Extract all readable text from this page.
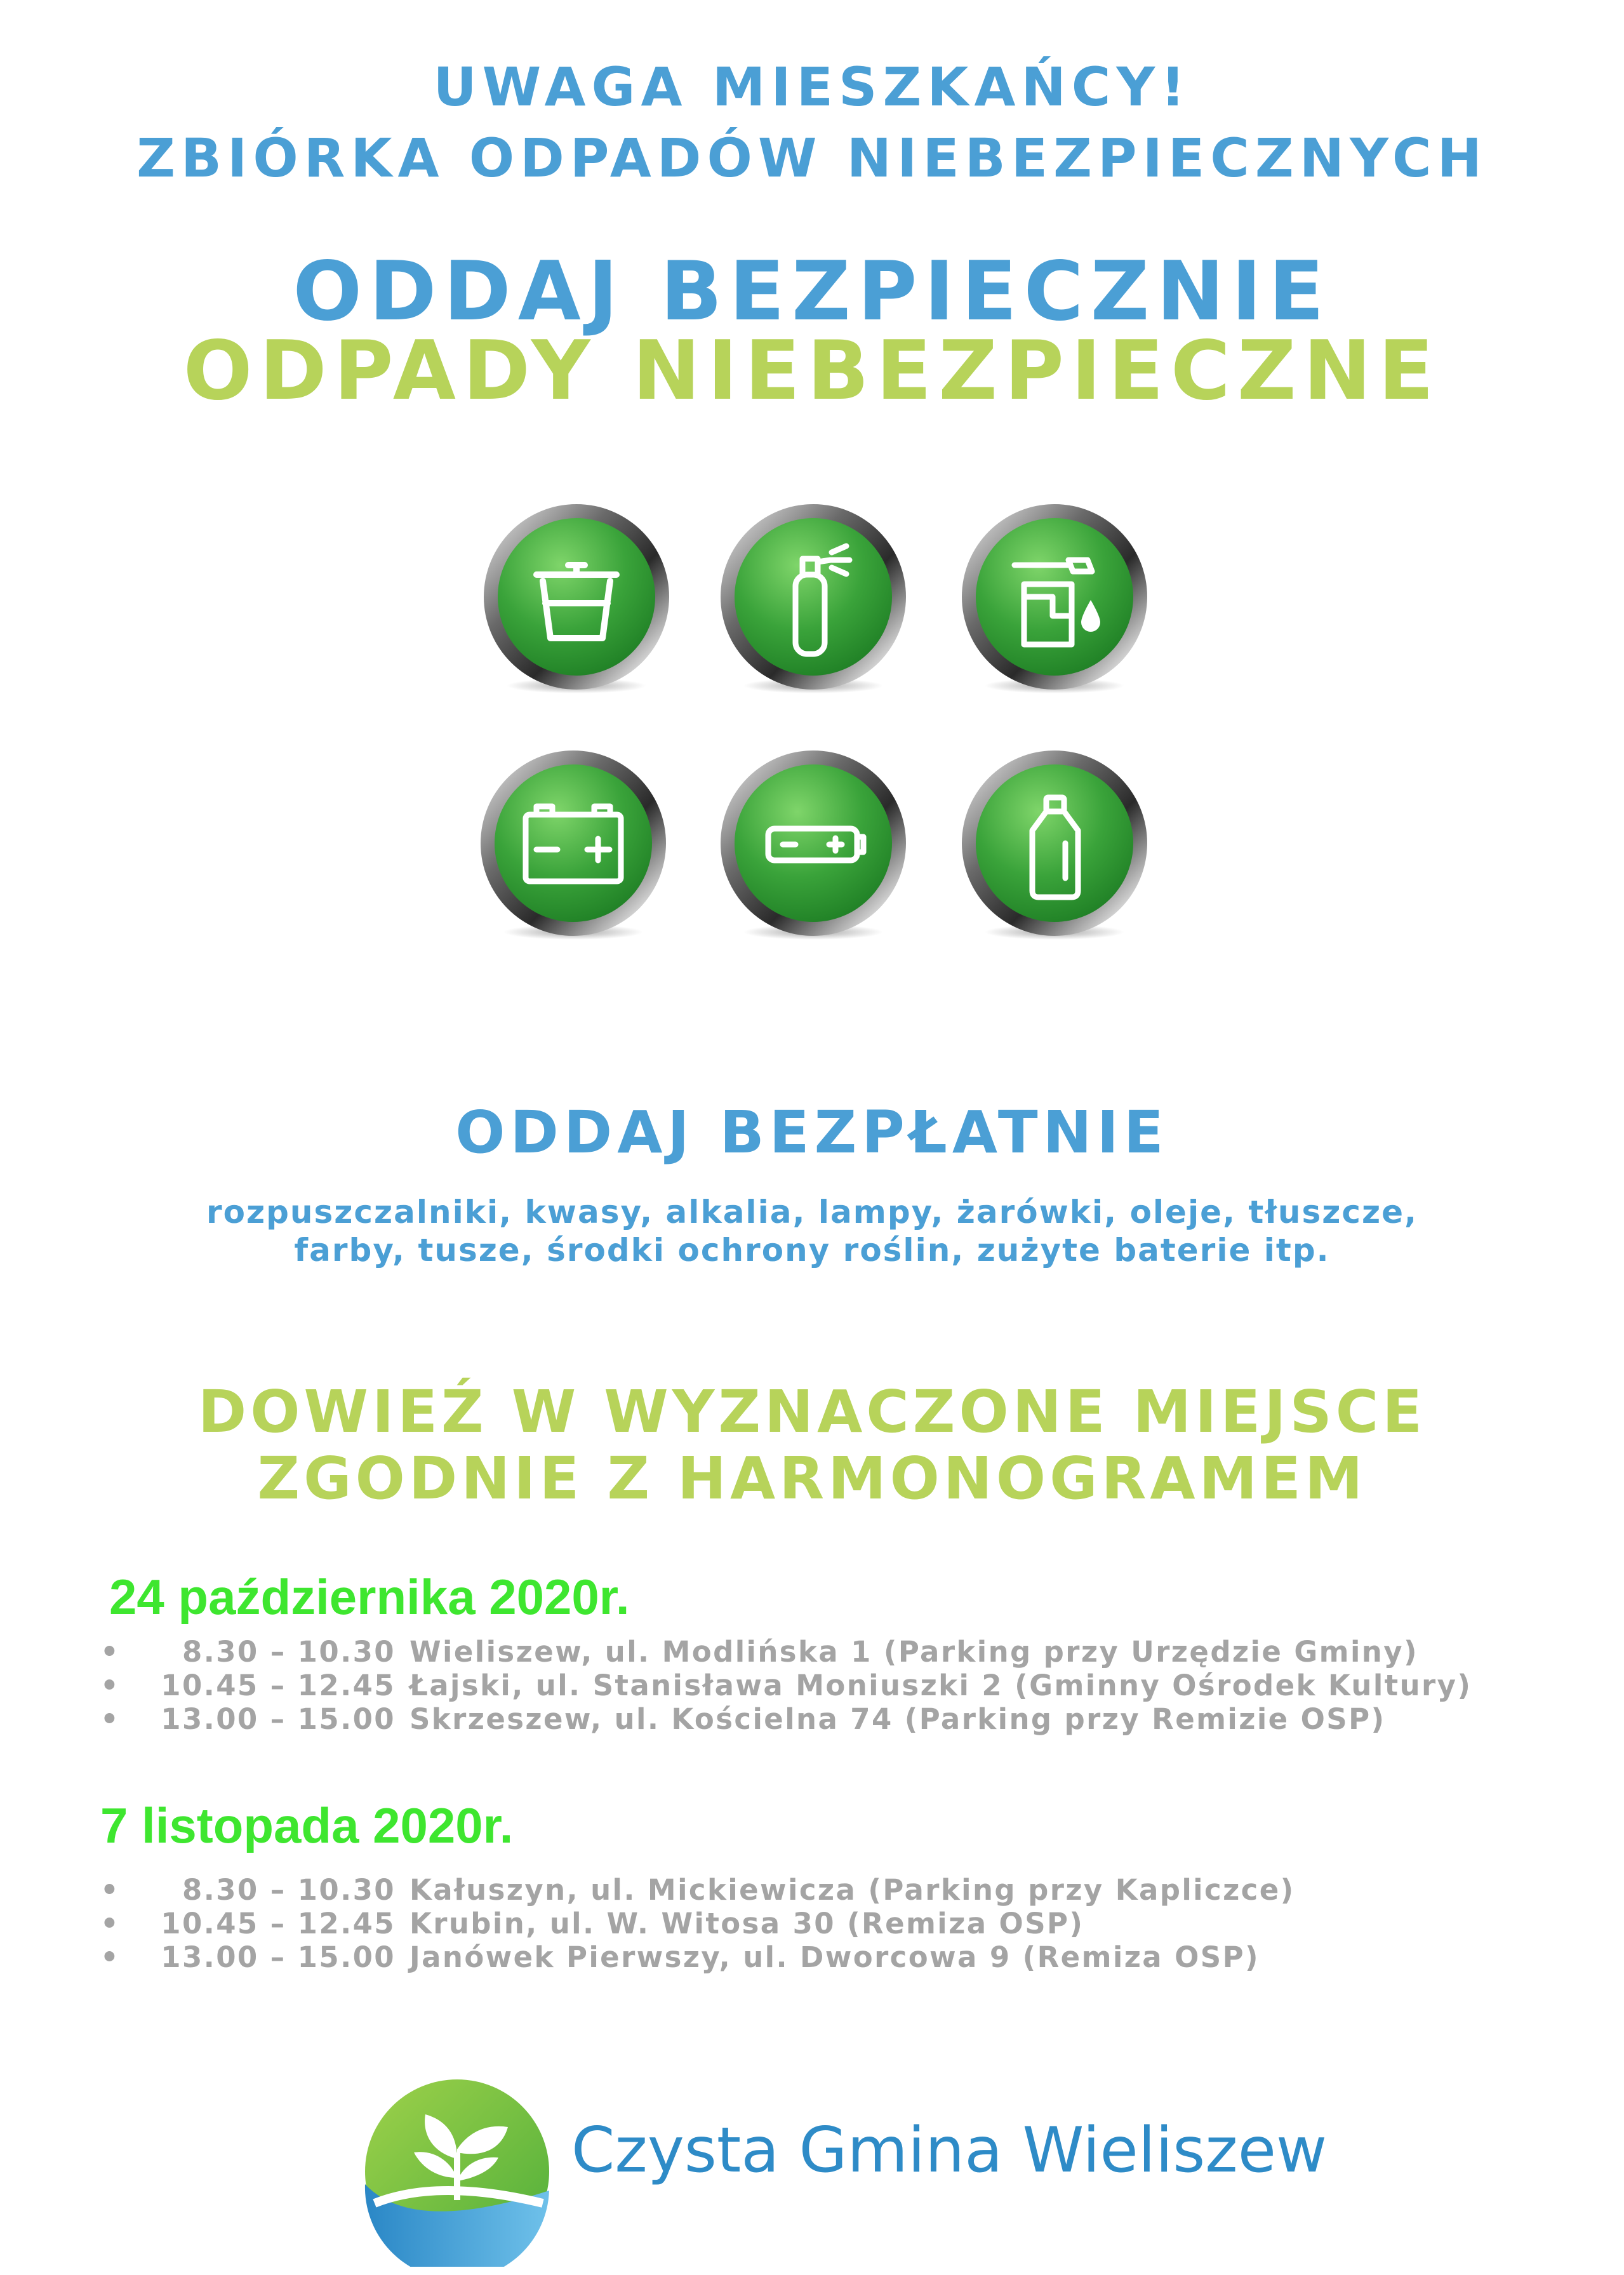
UWAGA MIESZKAŃCY!
ZBIÓRKA ODPADÓW NIEBEZPIECZNYCH
ODDAJ BEZPIECZNIE
ODPADY NIEBEZPIECZNE
ODDAJ BEZPŁATNIE
rozpuszczalniki, kwasy, alkalia, lampy, żarówki, oleje, tłuszcze,
farby, tusze, środki ochrony roślin, zużyte baterie itp.
DOWIEŹ W WYZNACZONE MIEJSCE
ZGODNIE Z HARMONOGRAMEM
24 października 2020r.
• 8.30 – 10.30 Wieliszew, ul. Modlińska 1 (Parking przy Urzędzie Gminy)
• 10.45 – 12.45 Łajski, ul. Stanisława Moniuszki 2 (Gminny Ośrodek Kultury)
• 13.00 – 15.00 Skrzeszew, ul. Kościelna 74 (Parking przy Remizie OSP)
7 listopada 2020r.
• 8.30 – 10.30 Kałuszyn, ul. Mickiewicza (Parking przy Kapliczce)
• 10.45 – 12.45 Krubin, ul. W. Witosa 30 (Remiza OSP)
• 13.00 – 15.00 Janówek Pierwszy, ul. Dworcowa 9 (Remiza OSP)
Czysta Gmina Wieliszew
